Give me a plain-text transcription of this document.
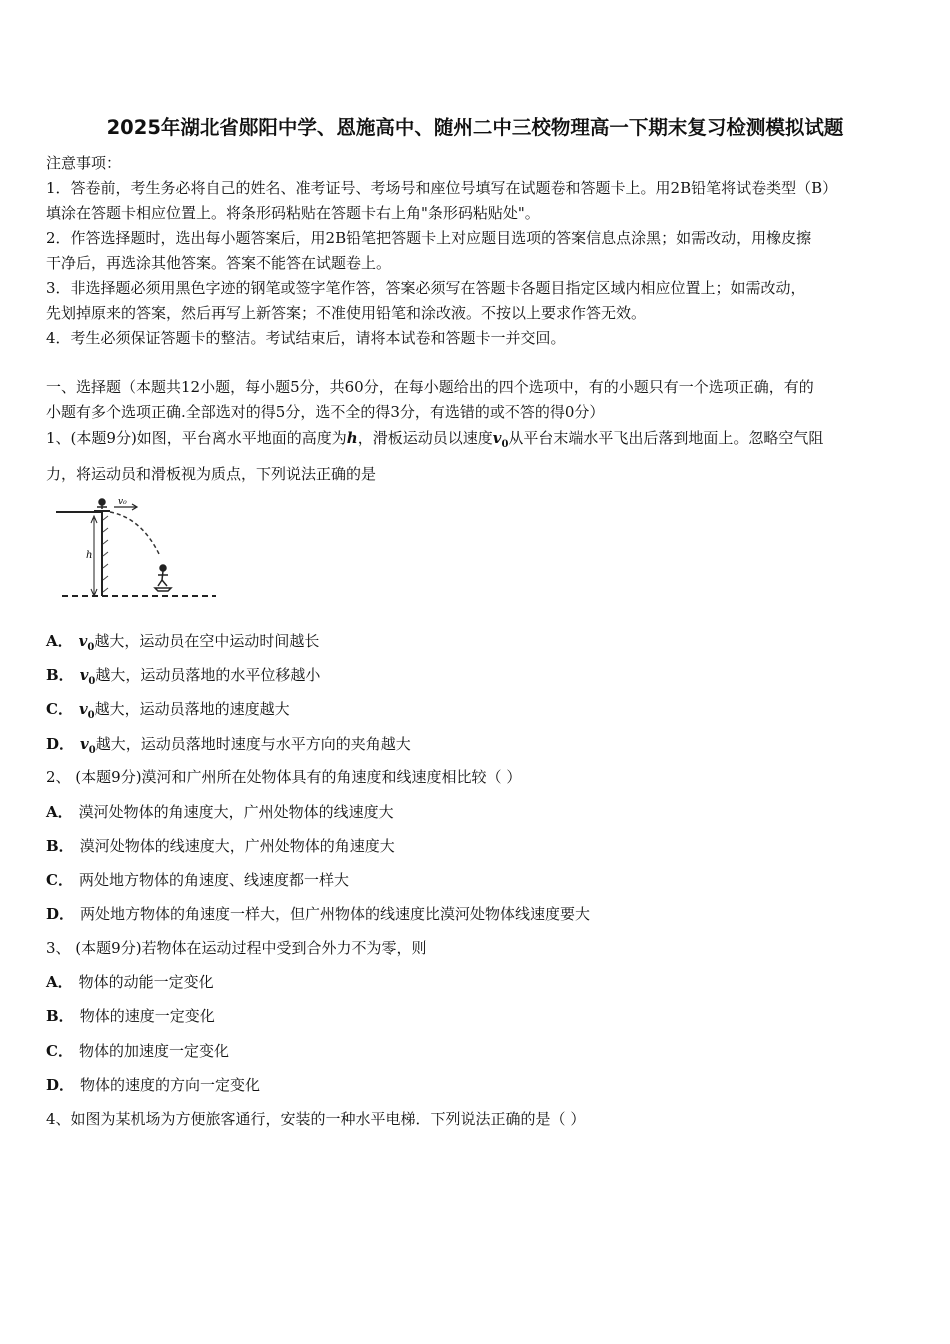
2025年湖北省郧阳中学、恩施高中、随州二中三校物理高一下期末复习检测模拟试题
注意事项：
1．答卷前，考生务必将自己的姓名、准考证号、考场号和座位号填写在试题卷和答题卡上。用2B铅笔将试卷类型（B）
填涂在答题卡相应位置上。将条形码粘贴在答题卡右上角"条形码粘贴处"。
2．作答选择题时，选出每小题答案后，用2B铅笔把答题卡上对应题目选项的答案信息点涂黑；如需改动，用橡皮擦
干净后，再选涂其他答案。答案不能答在试题卷上。
3．非选择题必须用黑色字迹的钢笔或签字笔作答，答案必须写在答题卡各题目指定区域内相应位置上；如需改动，
先划掉原来的答案，然后再写上新答案；不准使用铅笔和涂改液。不按以上要求作答无效。
4．考生必须保证答题卡的整洁。考试结束后，请将本试卷和答题卡一并交回。
一、选择题（本题共12小题，每小题5分，共60分，在每小题给出的四个选项中，有的小题只有一个选项正确，有的
小题有多个选项正确.全部选对的得5分，选不全的得3分，有选错的或不答的得0分）
1、(本题9分)如图，平台离水平地面的高度为h，滑板运动员以速度$v_0$从平台末端水平飞出后落到地面上。忽略空气阻
力，将运动员和滑板视为质点，下列说法正确的是
v₀
h
A． $v_0$越大，运动员在空中运动时间越长
B． $v_0$越大，运动员落地的水平位移越小
C． $v_0$越大，运动员落地的速度越大
D． $v_0$越大，运动员落地时速度与水平方向的夹角越大
2、 (本题9分)漠河和广州所在处物体具有的角速度和线速度相比较（ ）
A． 漠河处物体的角速度大，广州处物体的线速度大
B． 漠河处物体的线速度大，广州处物体的角速度大
C． 两处地方物体的角速度、线速度都一样大
D． 两处地方物体的角速度一样大，但广州物体的线速度比漠河处物体线速度要大
3、 (本题9分)若物体在运动过程中受到合外力不为零，则
A． 物体的动能一定变化
B． 物体的速度一定变化
C． 物体的加速度一定变化
D． 物体的速度的方向一定变化
4、如图为某机场为方便旅客通行，安装的一种水平电梯．下列说法正确的是（ ）
